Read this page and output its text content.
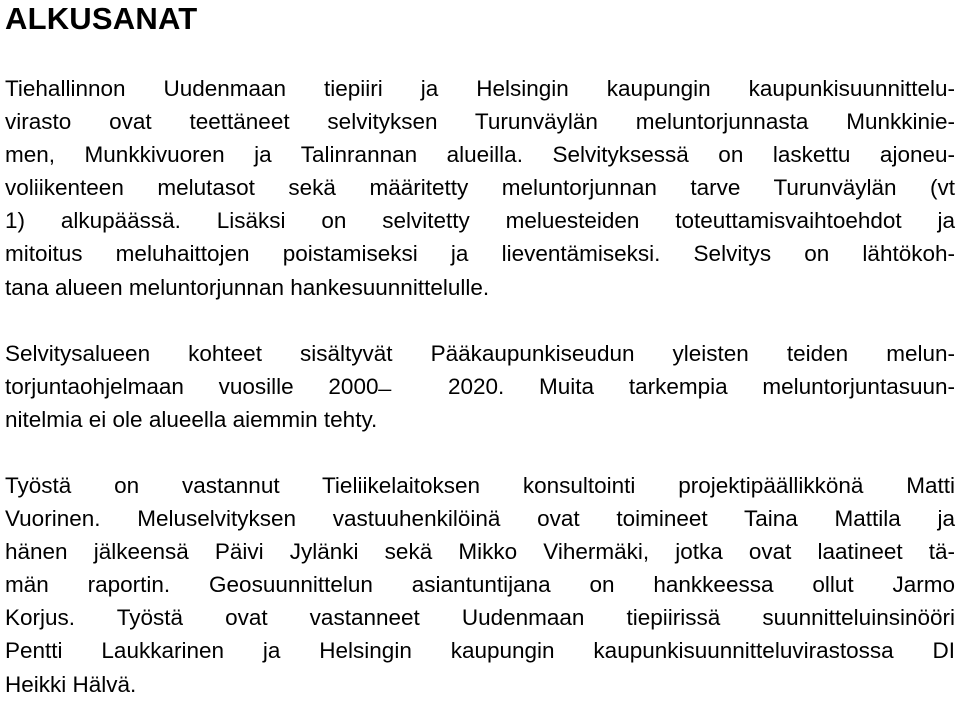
ALKUSANAT

Tiehallinnon Uudenmaan tiepiiri ja Helsingin kaupungin kaupunkisuunnittelu-
virasto ovat teettäneet selvityksen Turunväylän meluntorjunnasta Munkkinie-
men, Munkkivuoren ja Talinrannan alueilla. Selvityksessä on laskettu ajoneu-
voliikenteen melutasot sekä määritetty meluntorjunnan tarve Turunväylän (vt
1) alkupäässä. Lisäksi on selvitetty meluesteiden toteuttamisvaihtoehdot ja
mitoitus meluhaittojen poistamiseksi ja lieventämiseksi. Selvitys on lähtökoh-
tana alueen meluntorjunnan hankesuunnittelulle.

Selvitysalueen kohteet sisältyvät Pääkaupunkiseudun yleisten teiden melun-
torjuntaohjelmaan vuosille 2000 ̶ 2020. Muita tarkempia meluntorjuntasuun-
nitelmia ei ole alueella aiemmin tehty.

Työstä on vastannut Tieliikelaitoksen konsultointi projektipäällikkönä Matti
Vuorinen. Meluselvityksen vastuuhenkilöinä ovat toimineet Taina Mattila ja
hänen jälkeensä Päivi Jylänki sekä Mikko Vihermäki, jotka ovat laatineet tä-
män raportin. Geosuunnittelun asiantuntijana on hankkeessa ollut Jarmo
Korjus. Työstä ovat vastanneet Uudenmaan tiepiirissä suunnitteluinsinööri
Pentti Laukkarinen ja Helsingin kaupungin kaupunkisuunnitteluvirastossa DI
Heikki Hälvä.
